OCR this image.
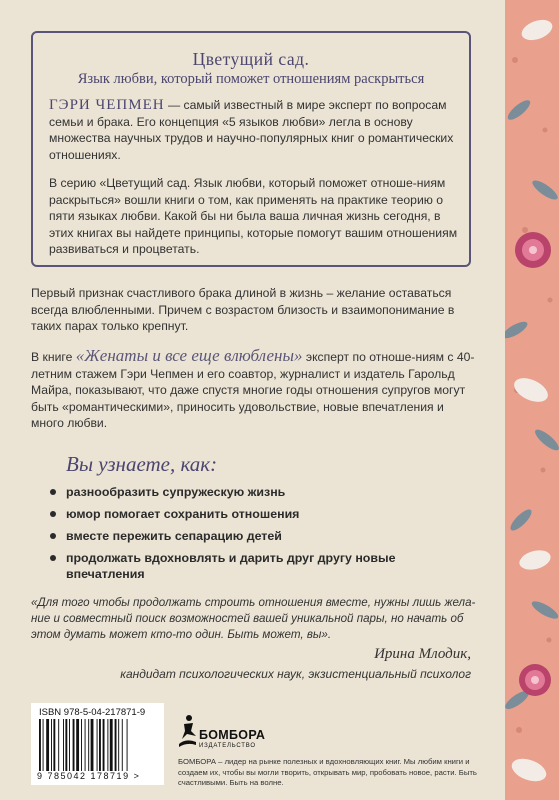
Цветущий сад.
Язык любви, который поможет отношениям раскрыться

ГЭРИ ЧЕПМЕН — самый известный в мире эксперт по вопросам семьи и брака. Его концепция «5 языков любви» легла в основу множества научных трудов и научно-популярных книг о романтических отношениях.

В серию «Цветущий сад. Язык любви, который поможет отноше-ниям раскрыться» вошли книги о том, как применять на практике теорию о пяти языках любви. Какой бы ни была ваша личная жизнь сегодня, в этих книгах вы найдете принципы, которые помогут вашим отношениям развиваться и процветать.

Первый признак счастливого брака длиной в жизнь – желание оставаться всегда влюбленными. Причем с возрастом близость и взаимопонимание в таких парах только крепнут.

В книге «Женаты и все еще влюблены» эксперт по отноше-ниям с 40-летним стажем Гэри Чепмен и его соавтор, журналист и издатель Гарольд Майра, показывают, что даже спустя многие годы отношения супругов могут быть «романтическими», приносить удовольствие, новые впечатления и много любви.

Вы узнаете, как:
разнообразить супружескую жизнь
юмор помогает сохранить отношения
вместе пережить сепарацию детей
продолжать вдохновлять и дарить друг другу новые впечатления

«Для того чтобы продолжать строить отношения вместе, нужны лишь жела-ние и совместный поиск возможностей вашей уникальной пары, но начать об этом думать может кто-то один. Быть может, вы».

Ирина Млодик,
кандидат психологических наук, экзистенциальный психолог
ISBN 978-5-04-217871-9
9 785042 178719 >
БОМБОРА
ИЗДАТЕЛЬСТВО

БОМБОРА – лидер на рынке полезных и вдохновляющих книг. Мы любим книги и создаем их, чтобы вы могли творить, открывать мир, пробовать новое, расти. Быть счастливыми. Быть на волне.
